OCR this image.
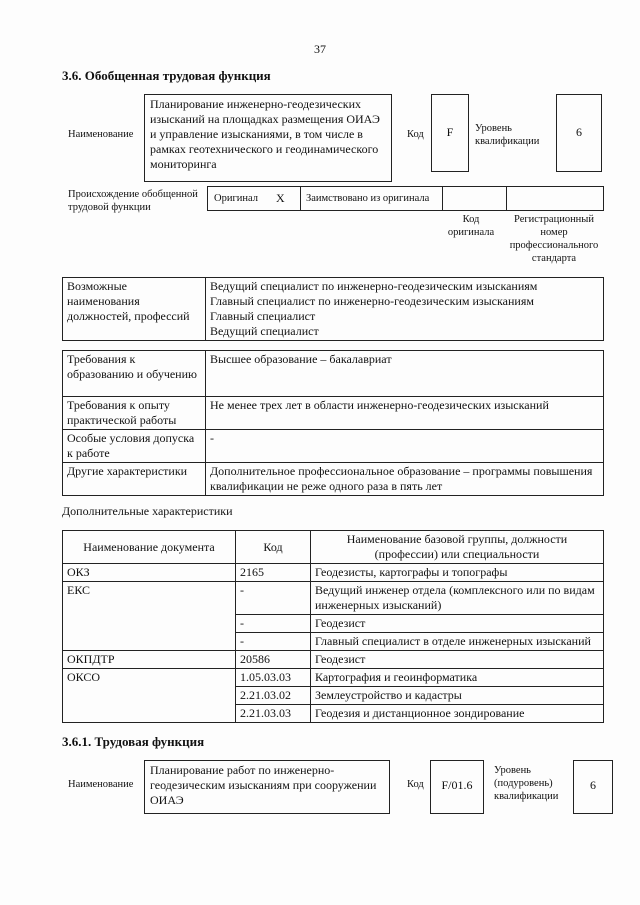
37
3.6. Обобщенная трудовая функция
Наименование
Планирование инженерно-геодезических изысканий на площадках размещения ОИАЭ и управление изысканиями, в том числе в рамках геотехнического и геодинамического мониторинга
Код	F	Уровень квалификации
6
Происхождение обобщенной трудовой функции
Оригинал X Заимствовано из оригинала
Код оригинала
Регистрационный номер профессионального стандарта
Возможные наименования должностей, профессий	Ведущий специалист по инженерно-геодезическим изысканиям
Главный специалист по инженерно-геодезическим изысканиям
Главный специалист
Ведущий специалист
Требования к образованию и обучению	Высшее образование – бакалавриат
Требования к опыту практической работы	Не менее трех лет в области инженерно-геодезических изысканий
Особые условия допуска к работе	-
Другие характеристики	Дополнительное профессиональное образование – программы повышения квалификации не реже одного раза в пять лет
Дополнительные характеристики
Наименование документа	Код	Наименование базовой группы, должности (профессии) или специальности
ОКЗ	2165	Геодезисты, картографы и топографы
ЕКС	-	Ведущий инженер отдела (комплексного или по видам инженерных изысканий)
	-	Геодезист
	-	Главный специалист в отделе инженерных изысканий
ОКПДТР	20586	Геодезист
ОКСО	1.05.03.03	Картография и геоинформатика
	2.21.03.02	Землеустройство и кадастры
	2.21.03.03	Геодезия и дистанционное зондирование
3.6.1. Трудовая функция
Наименование
Планирование работ по инженерно-геодезическим изысканиям при сооружении ОИАЭ
Код	F/01.6
Уровень (подуровень) квалификации
6
